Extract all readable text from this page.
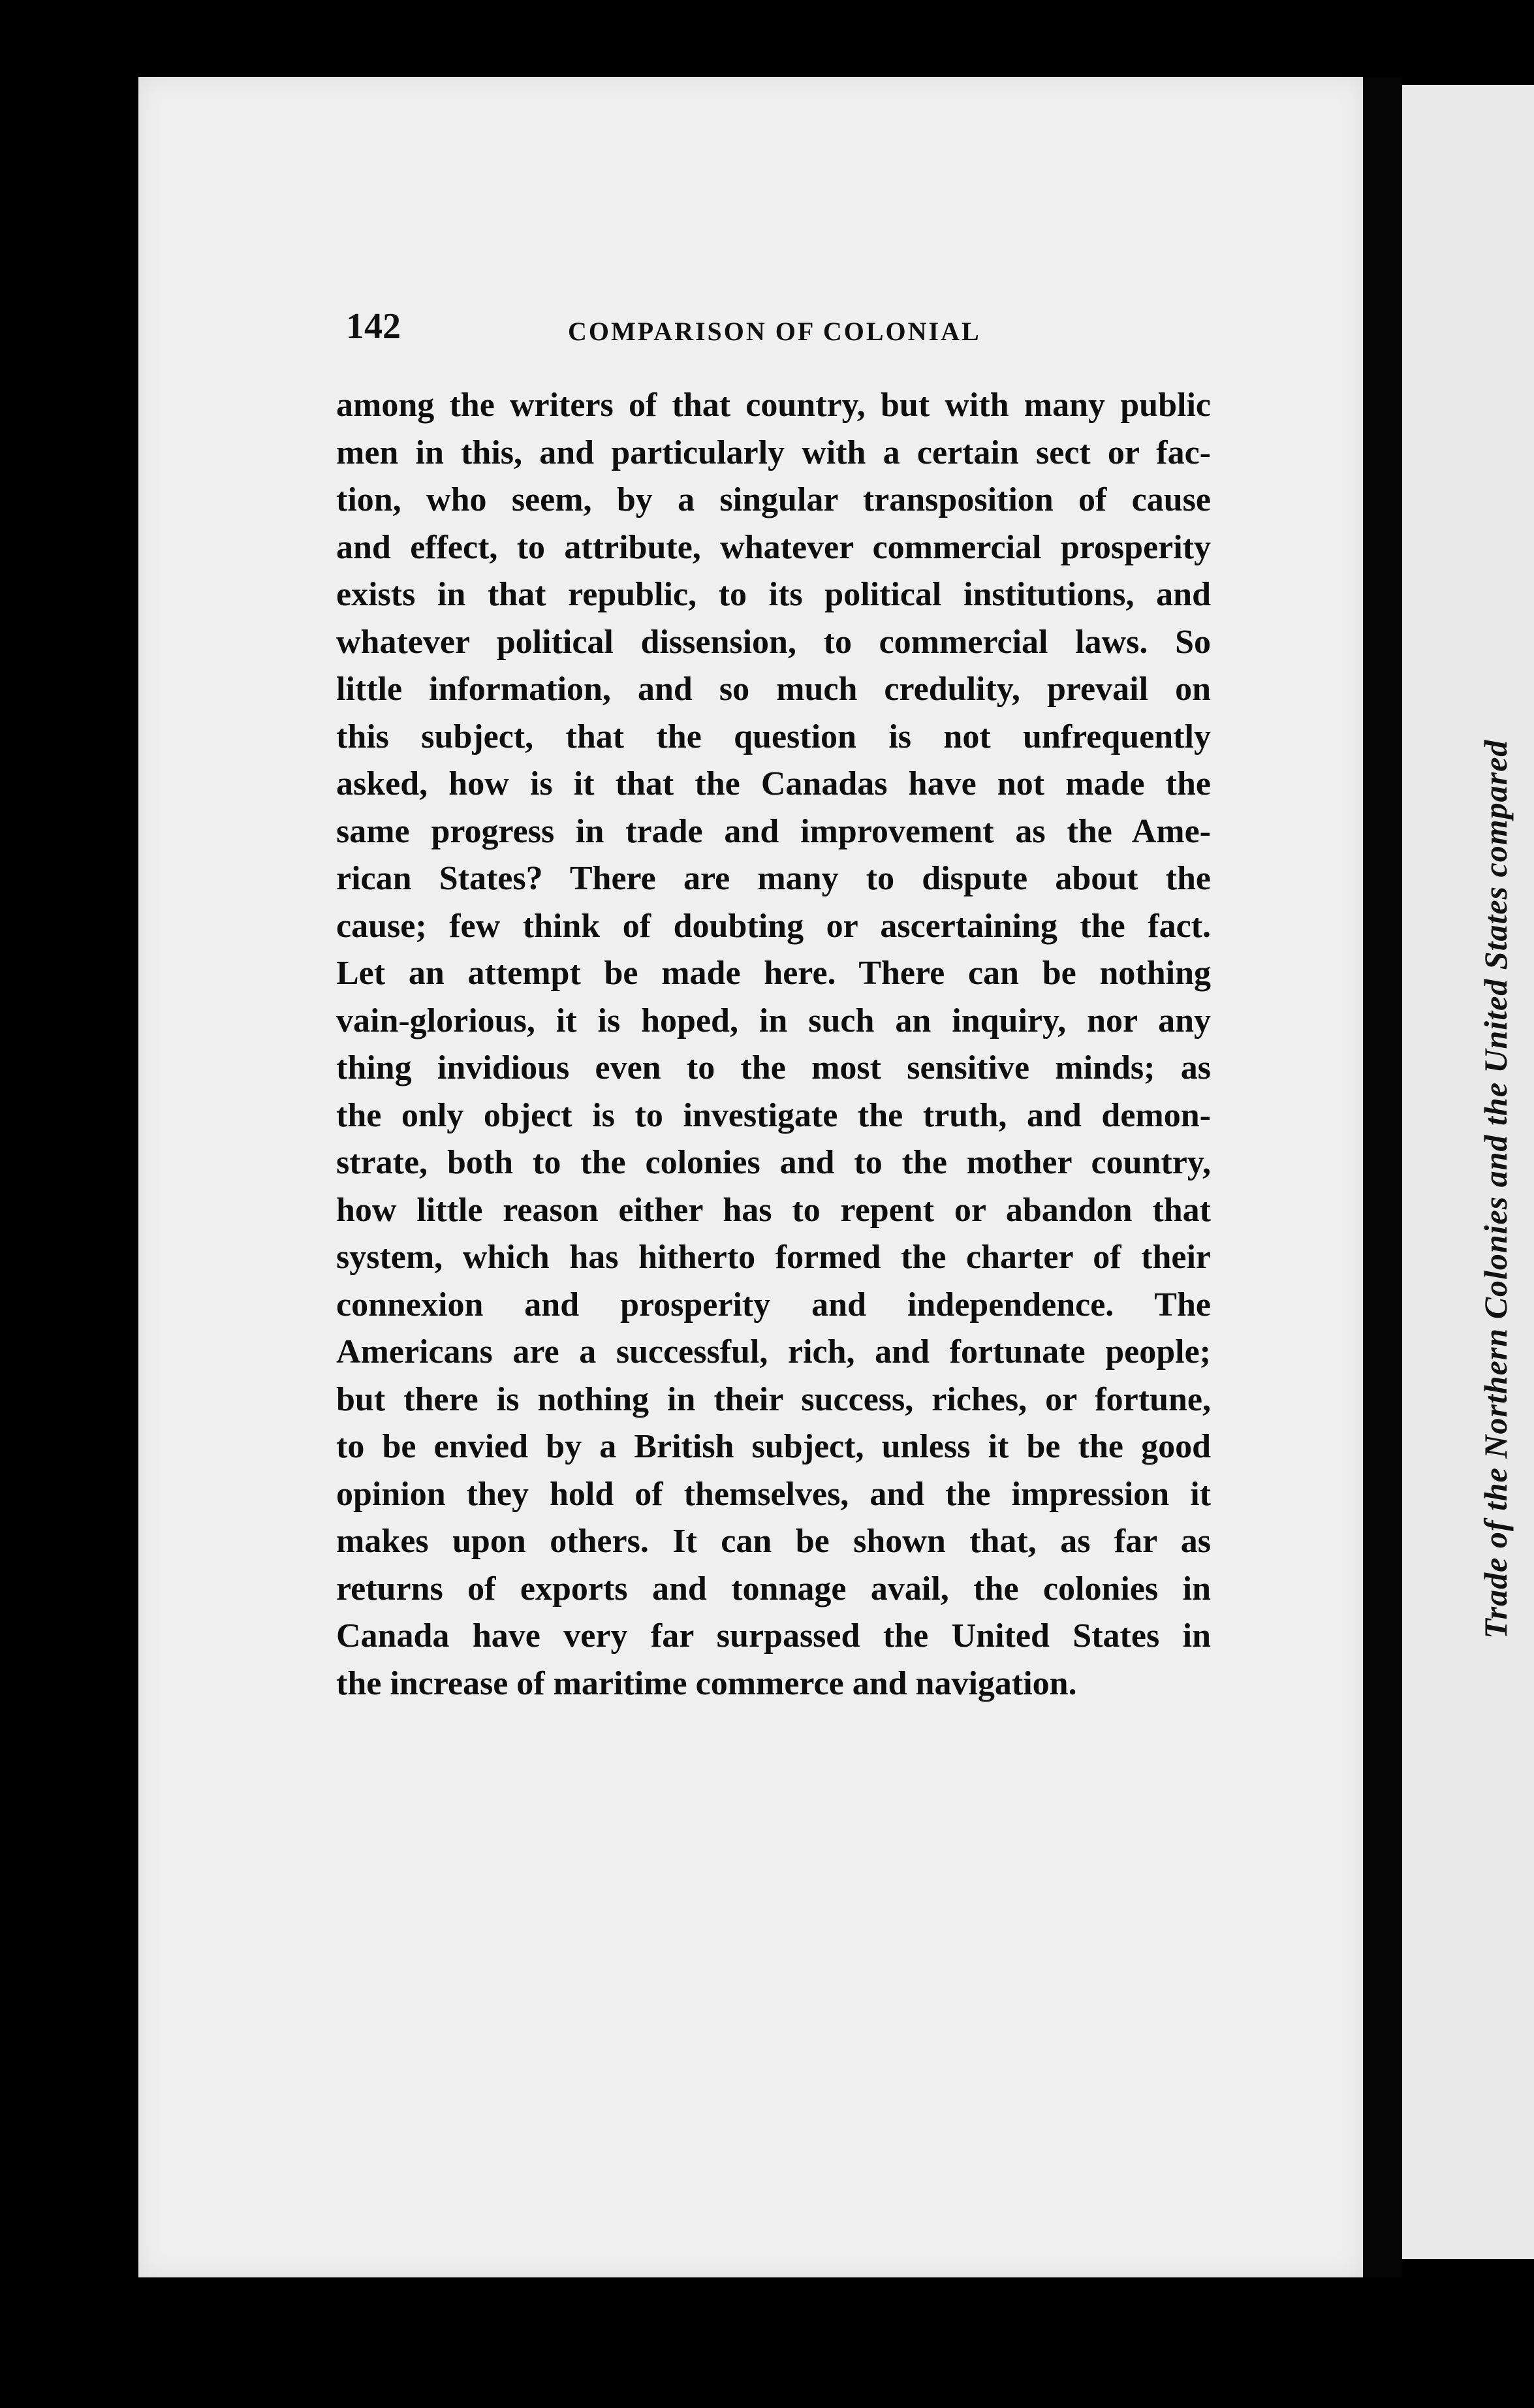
Trade of the Northern Colonies and the United States compared
142	COMPARISON OF COLONIAL
among the writers of that country, but with many public
men in this, and particularly with a certain sect or fac-
tion, who seem, by a singular transposition of cause
and effect, to attribute, whatever commercial prosperity
exists in that republic, to its political institutions, and
whatever political dissension, to commercial laws. So
little information, and so much credulity, prevail on
this subject, that the question is not unfrequently
asked, how is it that the Canadas have not made the
same progress in trade and improvement as the Ame-
rican States? There are many to dispute about the
cause; few think of doubting or ascertaining the fact.
Let an attempt be made here. There can be nothing
vain-glorious, it is hoped, in such an inquiry, nor any
thing invidious even to the most sensitive minds; as
the only object is to investigate the truth, and demon-
strate, both to the colonies and to the mother country,
how little reason either has to repent or abandon that
system, which has hitherto formed the charter of their
connexion and prosperity and independence. The
Americans are a successful, rich, and fortunate people;
but there is nothing in their success, riches, or fortune,
to be envied by a British subject, unless it be the good
opinion they hold of themselves, and the impression it
makes upon others. It can be shown that, as far as
returns of exports and tonnage avail, the colonies in
Canada have very far surpassed the United States in
the increase of maritime commerce and navigation.
